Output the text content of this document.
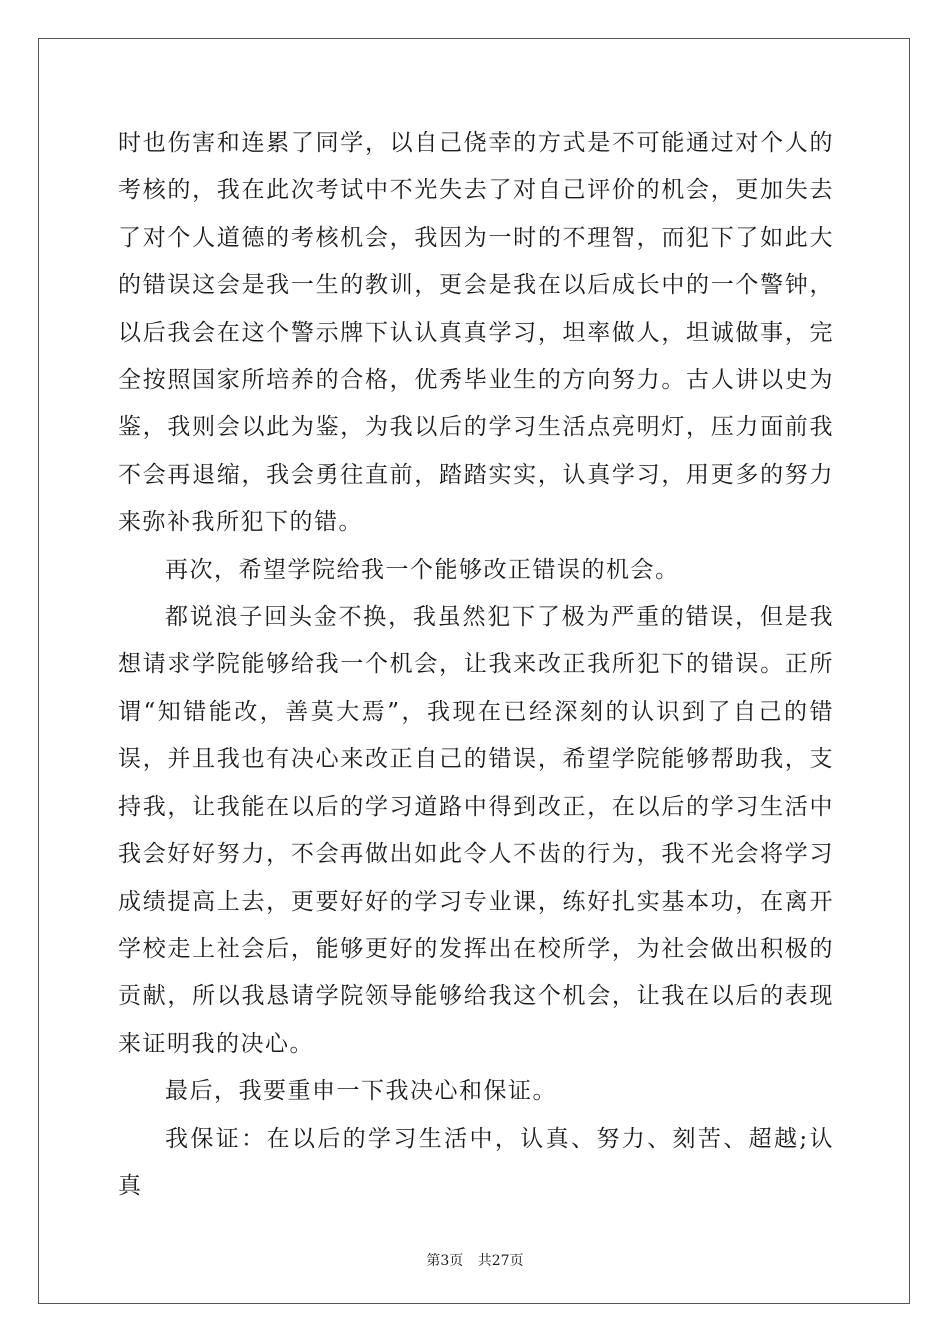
时也伤害和连累了同学，以自己侥幸的方式是不可能通过对个人的考核的，我在此次考试中不光失去了对自己评价的机会，更加失去了对个人道德的考核机会，我因为一时的不理智，而犯下了如此大的错误这会是我一生的教训，更会是我在以后成长中的一个警钟，以后我会在这个警示牌下认认真真学习，坦率做人，坦诚做事，完全按照国家所培养的合格，优秀毕业生的方向努力。古人讲以史为鉴，我则会以此为鉴，为我以后的学习生活点亮明灯，压力面前我不会再退缩，我会勇往直前，踏踏实实，认真学习，用更多的努力来弥补我所犯下的错。

再次，希望学院给我一个能够改正错误的机会。

都说浪子回头金不换，我虽然犯下了极为严重的错误，但是我想请求学院能够给我一个机会，让我来改正我所犯下的错误。正所谓“知错能改，善莫大焉”，我现在已经深刻的认识到了自己的错误，并且我也有决心来改正自己的错误，希望学院能够帮助我，支持我，让我能在以后的学习道路中得到改正，在以后的学习生活中我会好好努力，不会再做出如此令人不齿的行为，我不光会将学习成绩提高上去，更要好好的学习专业课，练好扎实基本功，在离开学校走上社会后，能够更好的发挥出在校所学，为社会做出积极的贡献，所以我恳请学院领导能够给我这个机会，让我在以后的表现来证明我的决心。

最后，我要重申一下我决心和保证。

我保证：在以后的学习生活中，认真、努力、刻苦、超越;认真

第3页 共27页
